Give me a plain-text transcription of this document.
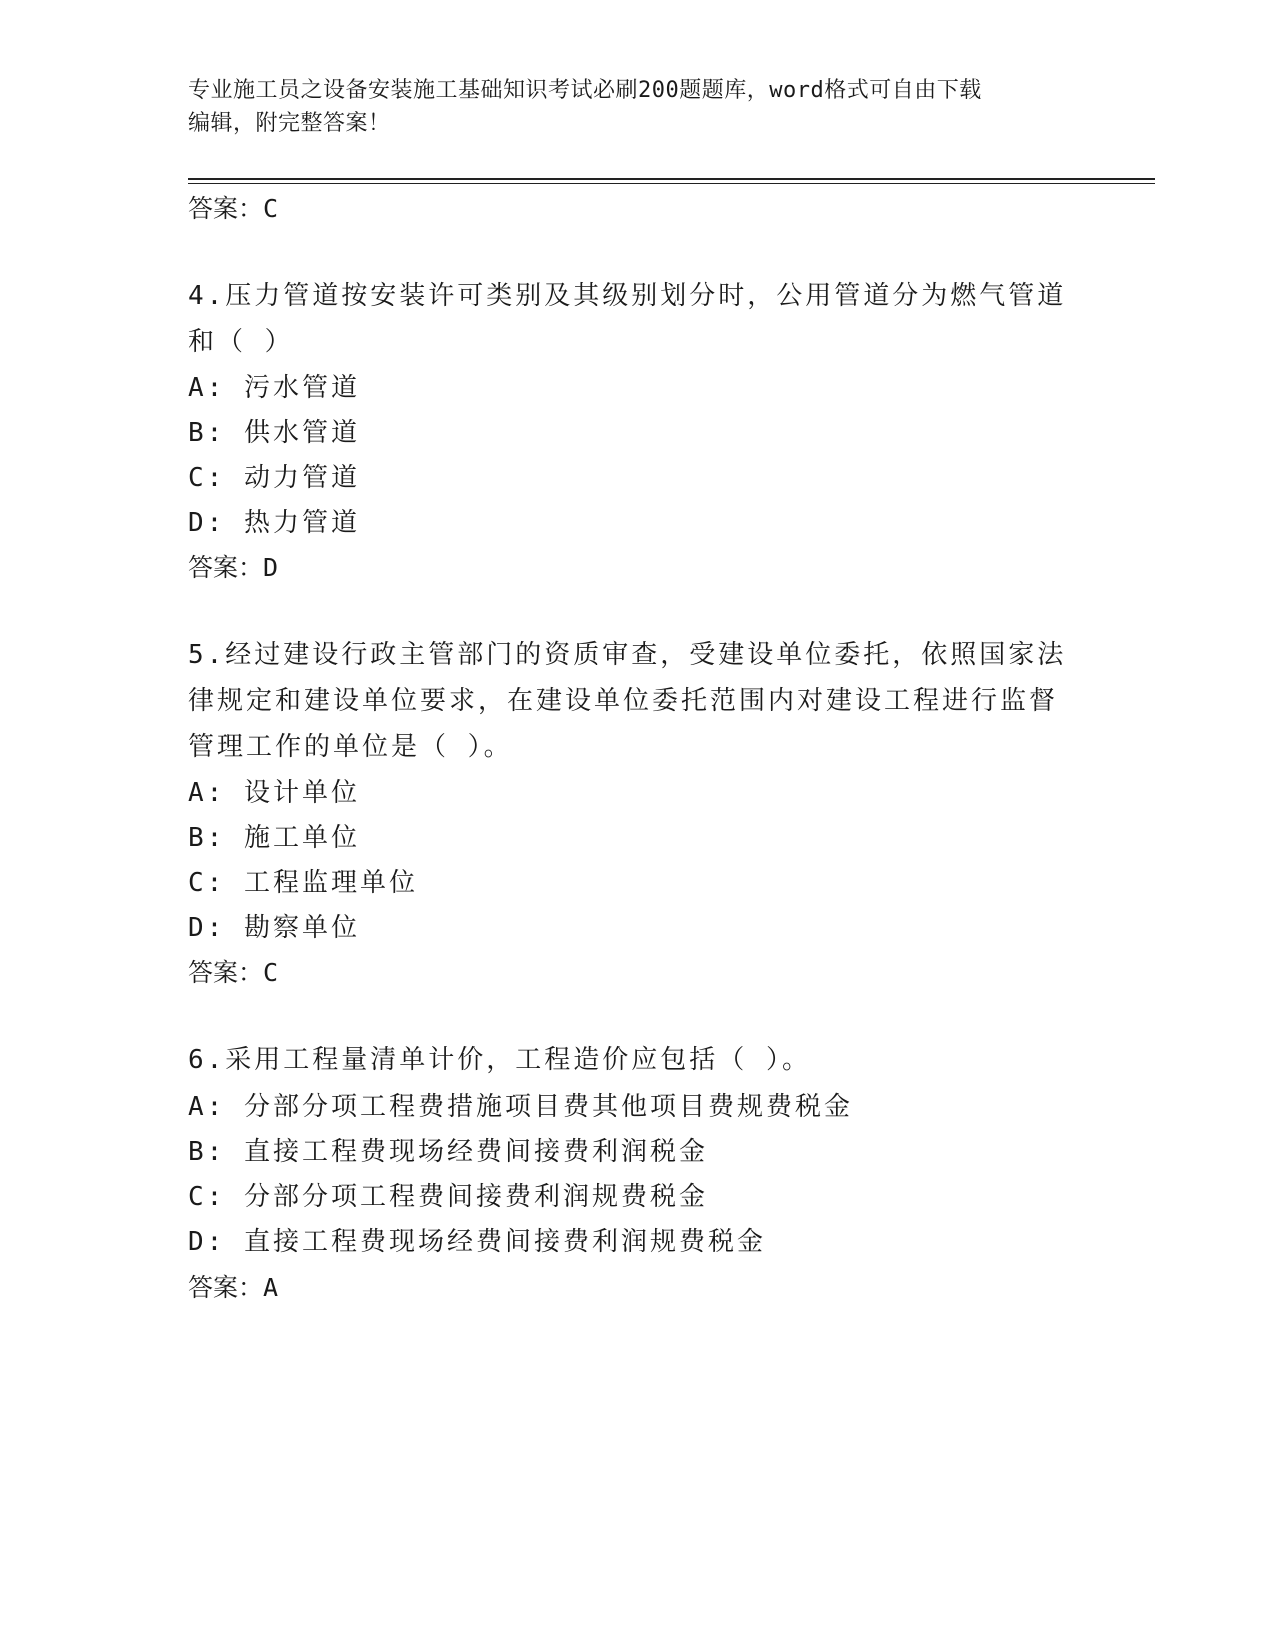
专业施工员之设备安装施工基础知识考试必刷200题题库，word格式可自由下载
编辑，附完整答案！
答案：C
4.压力管道按安装许可类别及其级别划分时，公用管道分为燃气管道
和（ ）
A: 污水管道
B: 供水管道
C: 动力管道
D: 热力管道
答案：D
5.经过建设行政主管部门的资质审查，受建设单位委托，依照国家法
律规定和建设单位要求，在建设单位委托范围内对建设工程进行监督
管理工作的单位是（ ）。
A: 设计单位
B: 施工单位
C: 工程监理单位
D: 勘察单位
答案：C
6.采用工程量清单计价，工程造价应包括（ ）。
A: 分部分项工程费措施项目费其他项目费规费税金
B: 直接工程费现场经费间接费利润税金
C: 分部分项工程费间接费利润规费税金
D: 直接工程费现场经费间接费利润规费税金
答案：A
